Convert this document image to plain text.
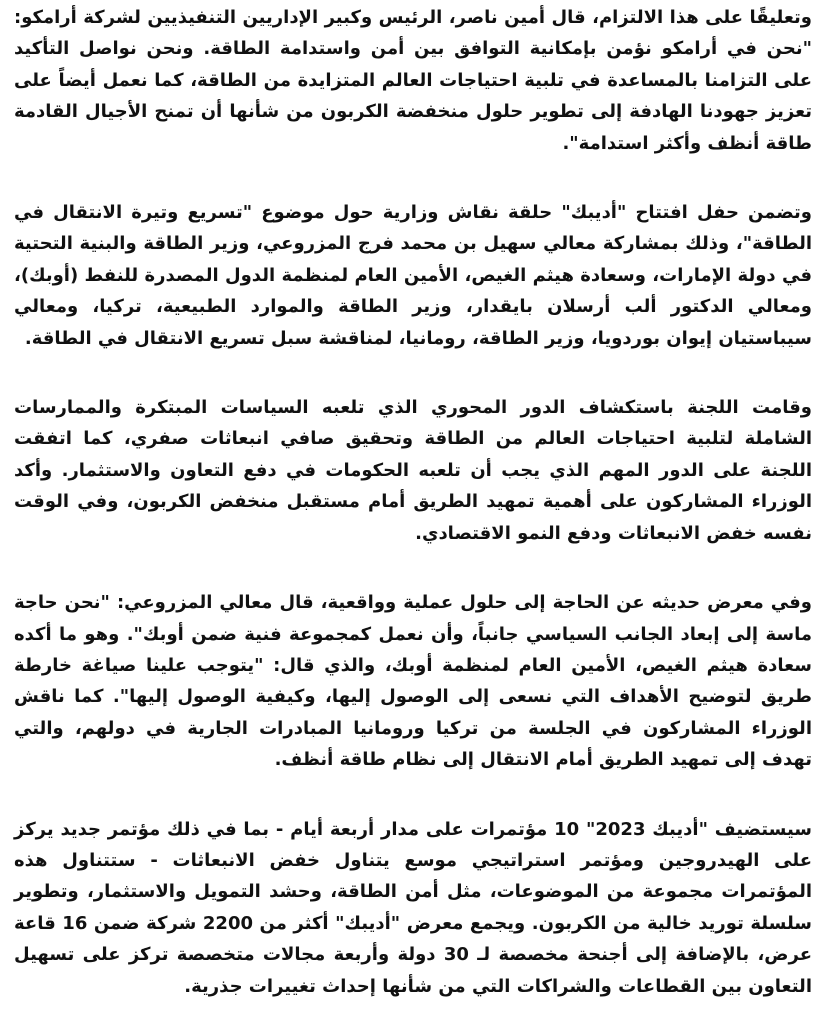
وتعليقًا على هذا الالتزام، قال أمين ناصر، الرئيس وكبير الإداريين التنفيذيين لشركة أرامكو: "نحن في أرامكو نؤمن بإمكانية التوافق بين أمن واستدامة الطاقة. ونحن نواصل التأكيد على التزامنا بالمساعدة في تلبية احتياجات العالم المتزايدة من الطاقة، كما نعمل أيضاً على تعزيز جهودنا الهادفة إلى تطوير حلول منخفضة الكربون من شأنها أن تمنح الأجيال القادمة طاقة أنظف وأكثر استدامة".

وتضمن حفل افتتاح "أديبك" حلقة نقاش وزارية حول موضوع "تسريع وتيرة الانتقال في الطاقة"، وذلك بمشاركة معالي سهيل بن محمد فرج المزروعي، وزير الطاقة والبنية التحتية في دولة الإمارات، وسعادة هيثم الغيص، الأمين العام لمنظمة الدول المصدرة للنفط (أوبك)، ومعالي الدكتور ألب أرسلان بايقدار، وزير الطاقة والموارد الطبيعية، تركيا، ومعالي سيباستيان إيوان بوردويا، وزير الطاقة، رومانيا، لمناقشة سبل تسريع الانتقال في الطاقة.

وقامت اللجنة باستكشاف الدور المحوري الذي تلعبه السياسات المبتكرة والممارسات الشاملة لتلبية احتياجات العالم من الطاقة وتحقيق صافي انبعاثات صفري، كما اتفقت اللجنة على الدور المهم الذي يجب أن تلعبه الحكومات في دفع التعاون والاستثمار. وأكد الوزراء المشاركون على أهمية تمهيد الطريق أمام مستقبل منخفض الكربون، وفي الوقت نفسه خفض الانبعاثات ودفع النمو الاقتصادي.

وفي معرض حديثه عن الحاجة إلى حلول عملية وواقعية، قال معالي المزروعي: "نحن حاجة ماسة إلى إبعاد الجانب السياسي جانباً، وأن نعمل كمجموعة فنية ضمن أوبك". وهو ما أكده سعادة هيثم الغيص، الأمين العام لمنظمة أوبك، والذي قال: "يتوجب علينا صياغة خارطة طريق لتوضيح الأهداف التي نسعى إلى الوصول إليها، وكيفية الوصول إليها". كما ناقش الوزراء المشاركون في الجلسة من تركيا ورومانيا المبادرات الجارية في دولهم، والتي تهدف إلى تمهيد الطريق أمام الانتقال إلى نظام طاقة أنظف.

سيستضيف "أديبك 2023" 10 مؤتمرات على مدار أربعة أيام - بما في ذلك مؤتمر جديد يركز على الهيدروجين ومؤتمر استراتيجي موسع يتناول خفض الانبعاثات - ستتناول هذه المؤتمرات مجموعة من الموضوعات، مثل أمن الطاقة، وحشد التمويل والاستثمار، وتطوير سلسلة توريد خالية من الكربون. ويجمع معرض "أديبك" أكثر من 2200 شركة ضمن 16 قاعة عرض، بالإضافة إلى أجنحة مخصصة لـ 30 دولة وأربعة مجالات متخصصة تركز على تسهيل التعاون بين القطاعات والشراكات التي من شأنها إحداث تغييرات جذرية.
